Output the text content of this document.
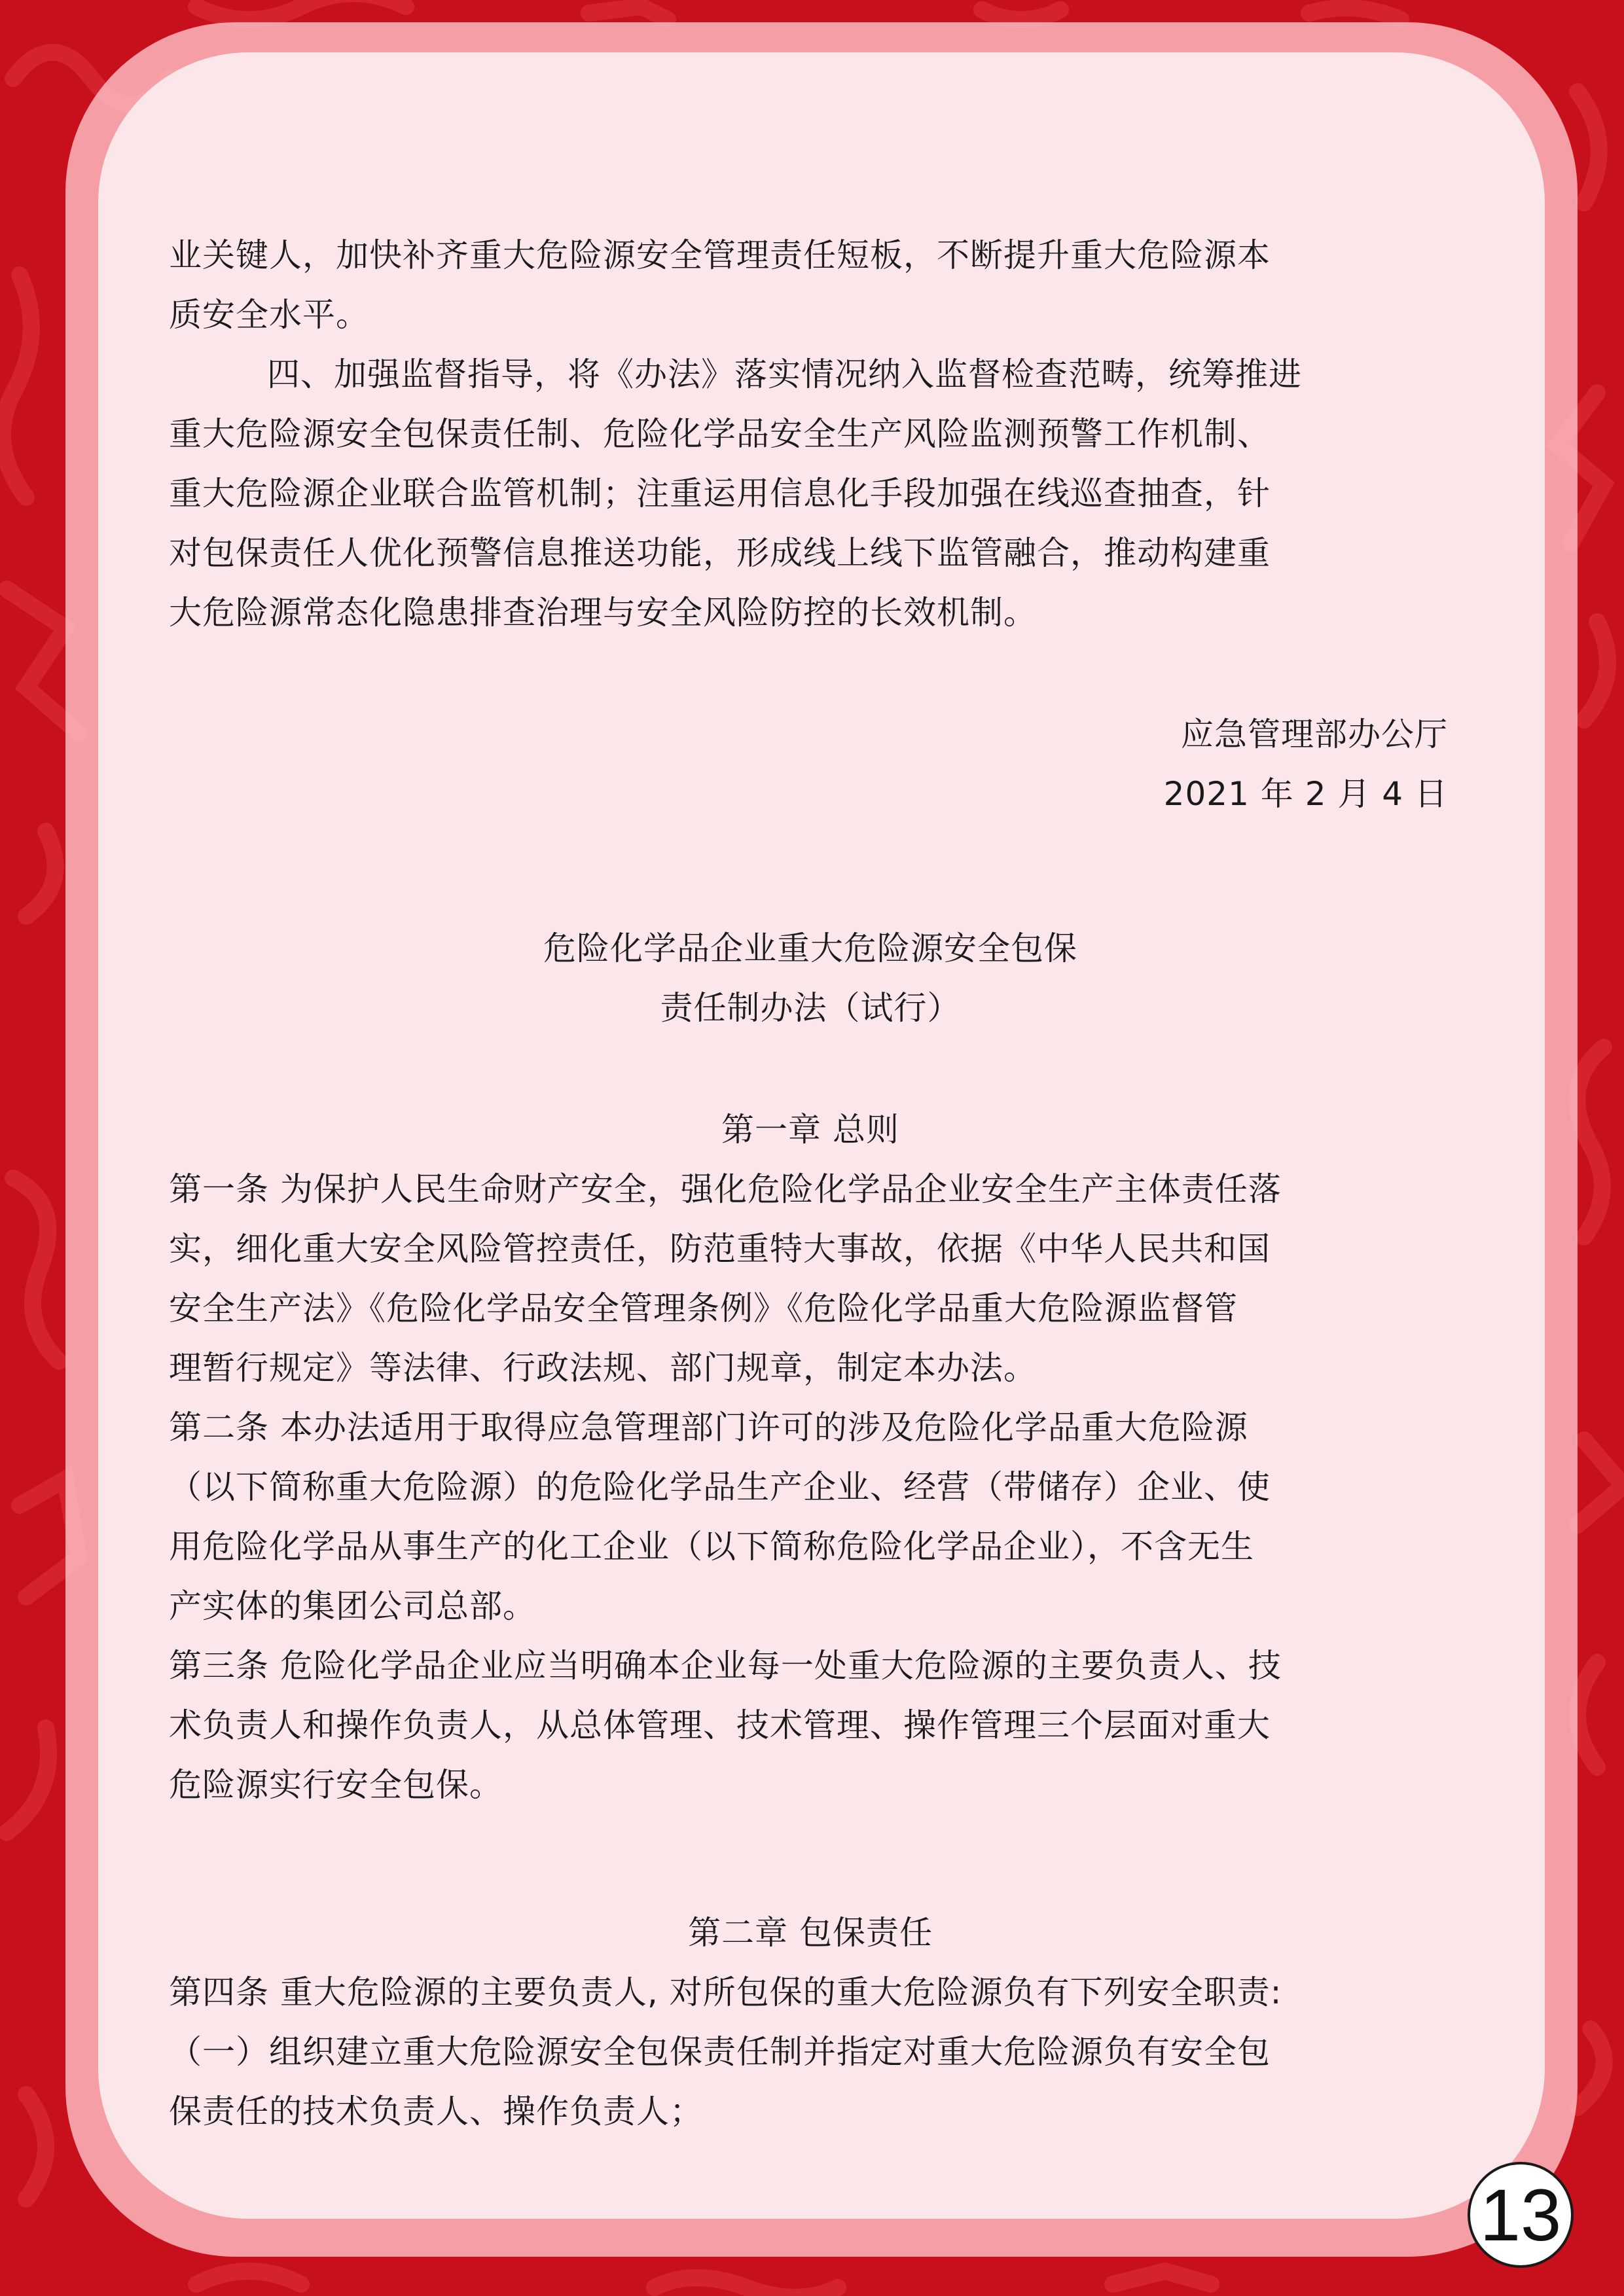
业关键人，加快补齐重大危险源安全管理责任短板，不断提升重大危险源本
质安全水平。
四、加强监督指导，将《办法》落实情况纳入监督检查范畴，统筹推进
重大危险源安全包保责任制、危险化学品安全生产风险监测预警工作机制、
重大危险源企业联合监管机制；注重运用信息化手段加强在线巡查抽查，针
对包保责任人优化预警信息推送功能，形成线上线下监管融合，推动构建重
大危险源常态化隐患排查治理与安全风险防控的长效机制。
应急管理部办公厅
2021 年 2 月 4 日
危险化学品企业重大危险源安全包保
责任制办法（试行）
第一章 总则
第一条 为保护人民生命财产安全，强化危险化学品企业安全生产主体责任落
实，细化重大安全风险管控责任，防范重特大事故，依据《中华人民共和国
安全生产法》《危险化学品安全管理条例》《危险化学品重大危险源监督管
理暂行规定》等法律、行政法规、部门规章，制定本办法。
第二条 本办法适用于取得应急管理部门许可的涉及危险化学品重大危险源
（以下简称重大危险源）的危险化学品生产企业、经营（带储存）企业、使
用危险化学品从事生产的化工企业（以下简称危险化学品企业），不含无生
产实体的集团公司总部。
第三条 危险化学品企业应当明确本企业每一处重大危险源的主要负责人、技
术负责人和操作负责人，从总体管理、技术管理、操作管理三个层面对重大
危险源实行安全包保。
第二章 包保责任
第四条 重大危险源的主要负责人, 对所包保的重大危险源负有下列安全职责:
（一）组织建立重大危险源安全包保责任制并指定对重大危险源负有安全包
保责任的技术负责人、操作负责人；
13
